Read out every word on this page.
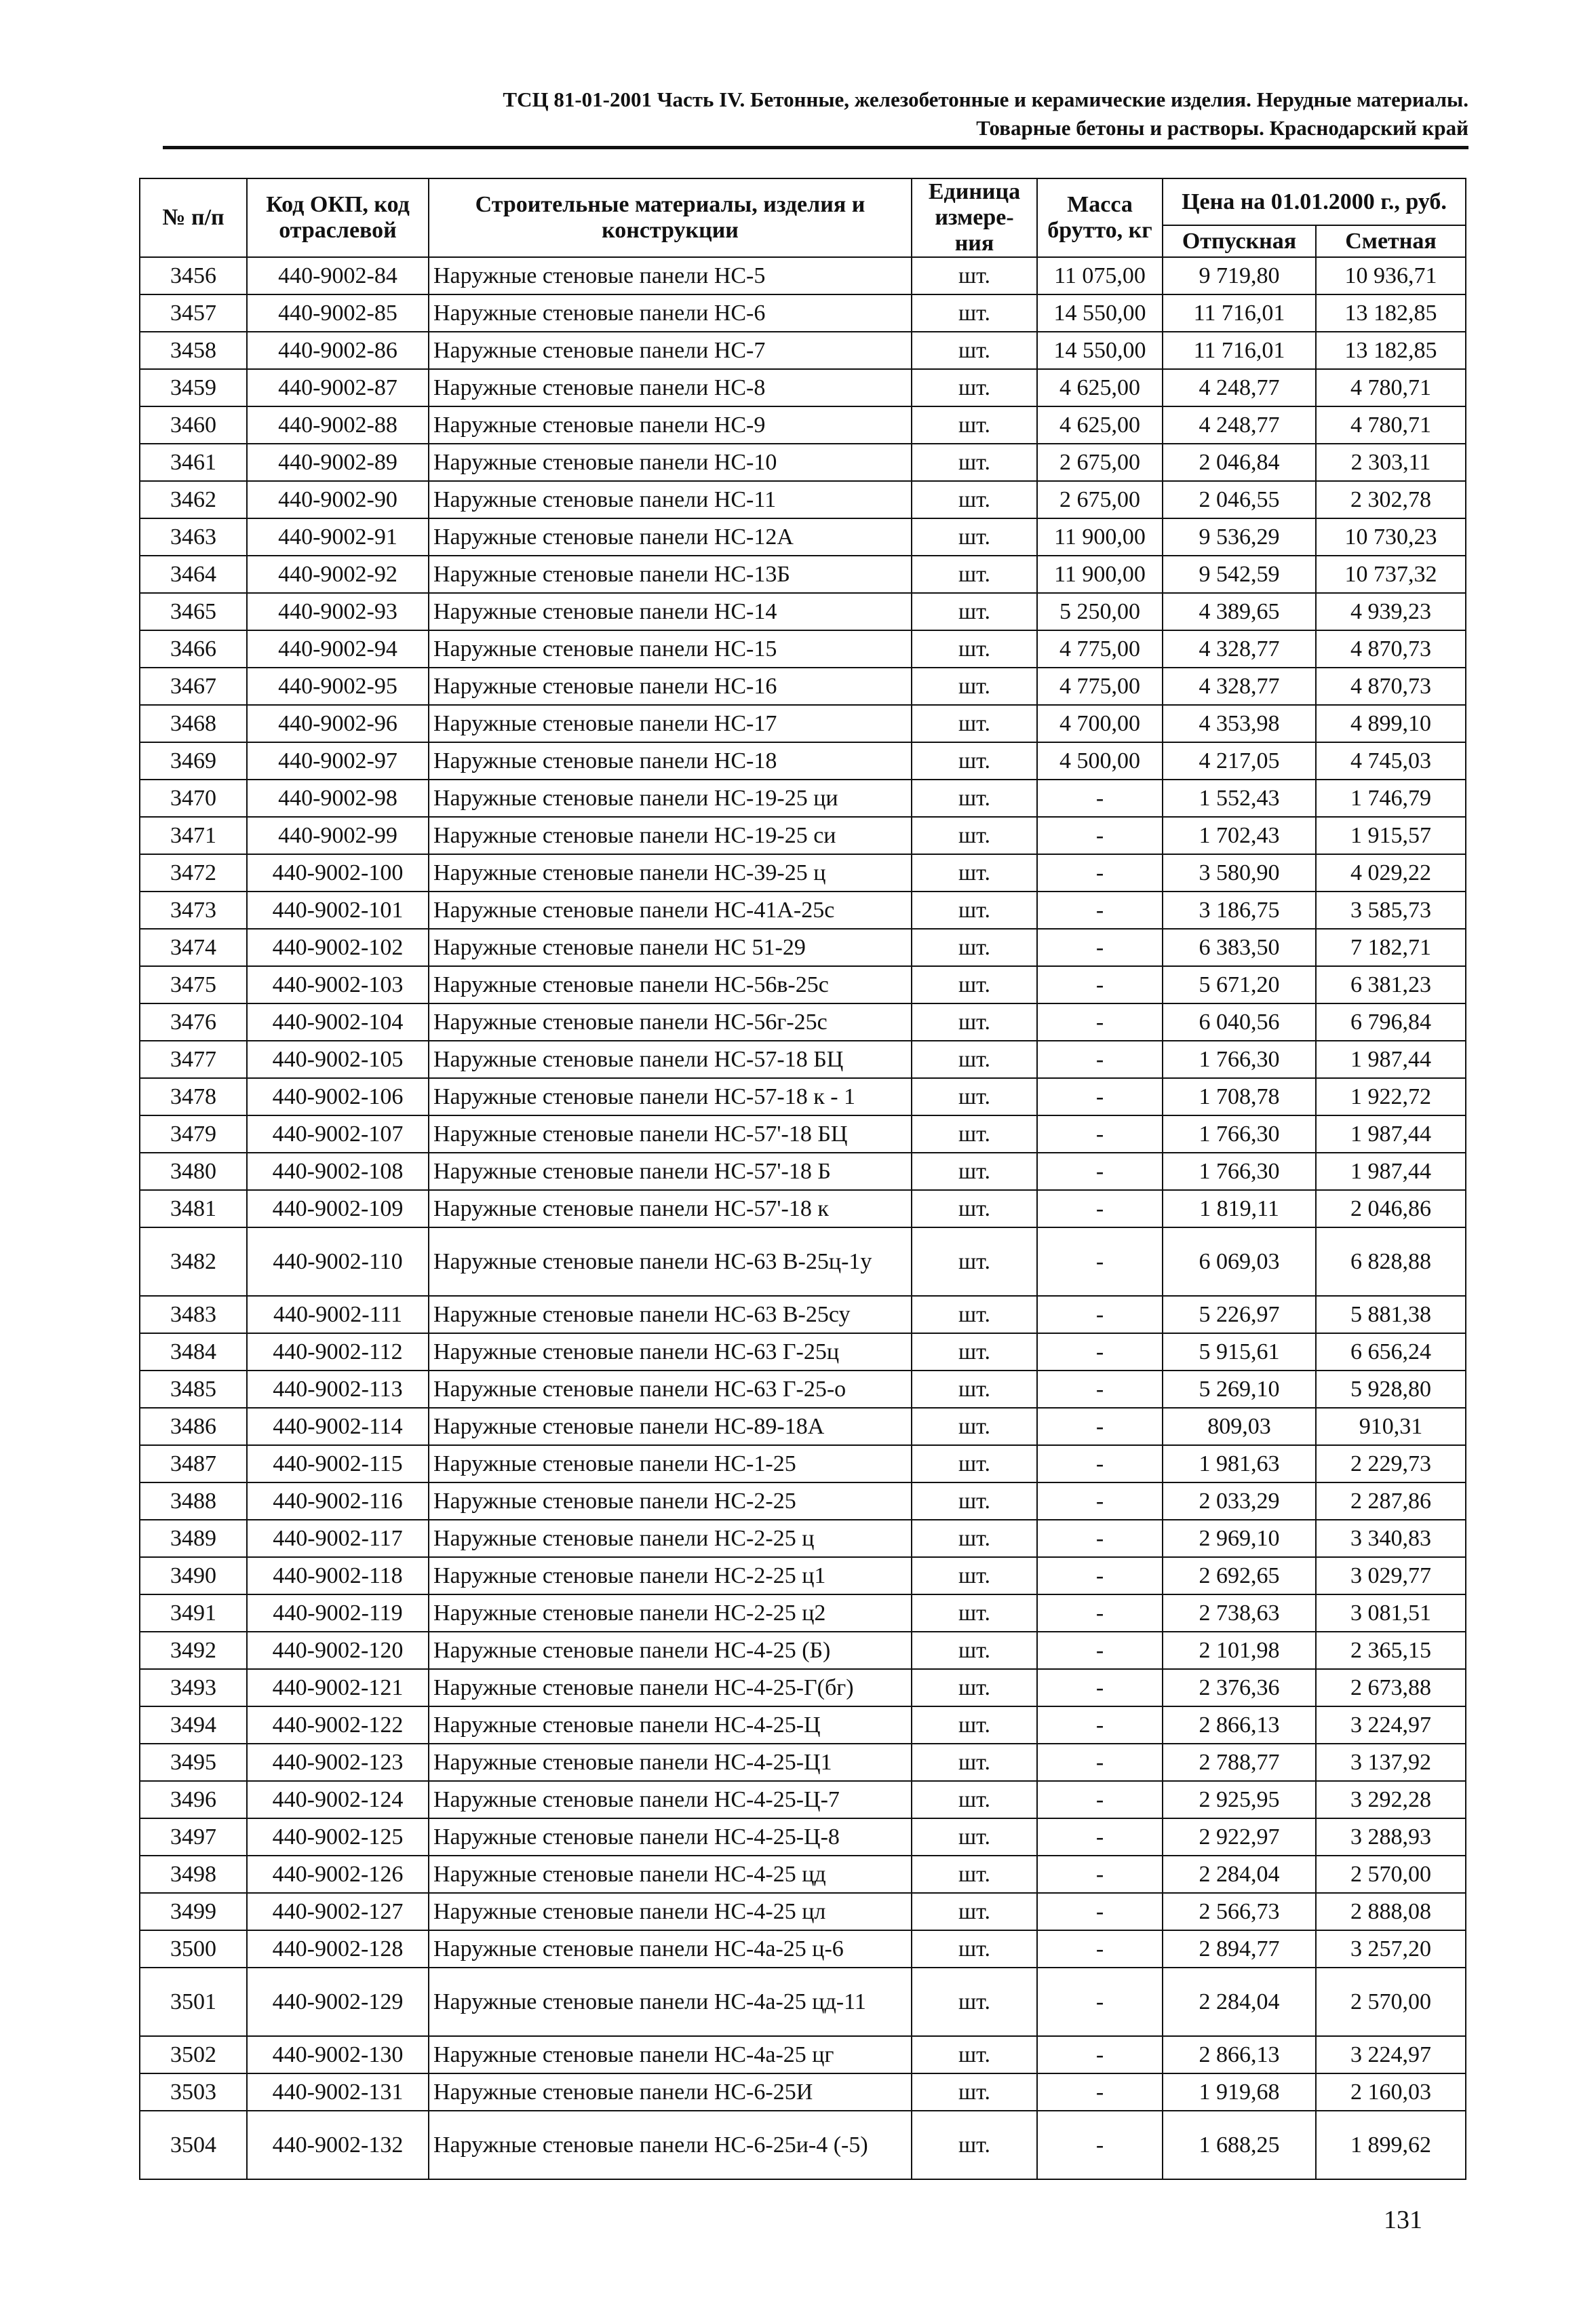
ТСЦ 81-01-2001 Часть IV. Бетонные, железобетонные и керамические изделия. Нерудные материалы.
Товарные бетоны и растворы. Краснодарский край
№ п/п	Код ОКП, код отраслевой	Строительные материалы, изделия и конструкции	Единица измере-ния	Масса брутто, кг	Цена на 01.01.2000 г., руб.	
					Отпускная	Сметная
3456	440-9002-84	Наружные стеновые панели НС-5	шт.	11 075,00	9 719,80	10 936,71
3457	440-9002-85	Наружные стеновые панели НС-6	шт.	14 550,00	11 716,01	13 182,85
3458	440-9002-86	Наружные стеновые панели НС-7	шт.	14 550,00	11 716,01	13 182,85
3459	440-9002-87	Наружные стеновые панели НС-8	шт.	4 625,00	4 248,77	4 780,71
3460	440-9002-88	Наружные стеновые панели НС-9	шт.	4 625,00	4 248,77	4 780,71
3461	440-9002-89	Наружные стеновые панели НС-10	шт.	2 675,00	2 046,84	2 303,11
3462	440-9002-90	Наружные стеновые панели НС-11	шт.	2 675,00	2 046,55	2 302,78
3463	440-9002-91	Наружные стеновые панели НС-12А	шт.	11 900,00	9 536,29	10 730,23
3464	440-9002-92	Наружные стеновые панели НС-13Б	шт.	11 900,00	9 542,59	10 737,32
3465	440-9002-93	Наружные стеновые панели НС-14	шт.	5 250,00	4 389,65	4 939,23
3466	440-9002-94	Наружные стеновые панели НС-15	шт.	4 775,00	4 328,77	4 870,73
3467	440-9002-95	Наружные стеновые панели НС-16	шт.	4 775,00	4 328,77	4 870,73
3468	440-9002-96	Наружные стеновые панели НС-17	шт.	4 700,00	4 353,98	4 899,10
3469	440-9002-97	Наружные стеновые панели НС-18	шт.	4 500,00	4 217,05	4 745,03
3470	440-9002-98	Наружные стеновые панели НС-19-25 ци	шт.	-	1 552,43	1 746,79
3471	440-9002-99	Наружные стеновые панели НС-19-25 си	шт.	-	1 702,43	1 915,57
3472	440-9002-100	Наружные стеновые панели НС-39-25 ц	шт.	-	3 580,90	4 029,22
3473	440-9002-101	Наружные стеновые панели НС-41А-25с	шт.	-	3 186,75	3 585,73
3474	440-9002-102	Наружные стеновые панели НС 51-29	шт.	-	6 383,50	7 182,71
3475	440-9002-103	Наружные стеновые панели НС-56в-25с	шт.	-	5 671,20	6 381,23
3476	440-9002-104	Наружные стеновые панели НС-56г-25с	шт.	-	6 040,56	6 796,84
3477	440-9002-105	Наружные стеновые панели НС-57-18 БЦ	шт.	-	1 766,30	1 987,44
3478	440-9002-106	Наружные стеновые панели НС-57-18 к - 1	шт.	-	1 708,78	1 922,72
3479	440-9002-107	Наружные стеновые панели НС-57'-18 БЦ	шт.	-	1 766,30	1 987,44
3480	440-9002-108	Наружные стеновые панели НС-57'-18 Б	шт.	-	1 766,30	1 987,44
3481	440-9002-109	Наружные стеновые панели НС-57'-18 к	шт.	-	1 819,11	2 046,86
3482	440-9002-110	Наружные стеновые панели НС-63 В-25ц-1у	шт.	-	6 069,03	6 828,88
3483	440-9002-111	Наружные стеновые панели НС-63 В-25су	шт.	-	5 226,97	5 881,38
3484	440-9002-112	Наружные стеновые панели НС-63 Г-25ц	шт.	-	5 915,61	6 656,24
3485	440-9002-113	Наружные стеновые панели НС-63 Г-25-о	шт.	-	5 269,10	5 928,80
3486	440-9002-114	Наружные стеновые панели НС-89-18А	шт.	-	809,03	910,31
3487	440-9002-115	Наружные стеновые панели НС-1-25	шт.	-	1 981,63	2 229,73
3488	440-9002-116	Наружные стеновые панели НС-2-25	шт.	-	2 033,29	2 287,86
3489	440-9002-117	Наружные стеновые панели НС-2-25 ц	шт.	-	2 969,10	3 340,83
3490	440-9002-118	Наружные стеновые панели НС-2-25 ц1	шт.	-	2 692,65	3 029,77
3491	440-9002-119	Наружные стеновые панели НС-2-25 ц2	шт.	-	2 738,63	3 081,51
3492	440-9002-120	Наружные стеновые панели НС-4-25 (Б)	шт.	-	2 101,98	2 365,15
3493	440-9002-121	Наружные стеновые панели НС-4-25-Г(бг)	шт.	-	2 376,36	2 673,88
3494	440-9002-122	Наружные стеновые панели НС-4-25-Ц	шт.	-	2 866,13	3 224,97
3495	440-9002-123	Наружные стеновые панели НС-4-25-Ц1	шт.	-	2 788,77	3 137,92
3496	440-9002-124	Наружные стеновые панели НС-4-25-Ц-7	шт.	-	2 925,95	3 292,28
3497	440-9002-125	Наружные стеновые панели НС-4-25-Ц-8	шт.	-	2 922,97	3 288,93
3498	440-9002-126	Наружные стеновые панели НС-4-25 цд	шт.	-	2 284,04	2 570,00
3499	440-9002-127	Наружные стеновые панели НС-4-25 цл	шт.	-	2 566,73	2 888,08
3500	440-9002-128	Наружные стеновые панели НС-4а-25 ц-6	шт.	-	2 894,77	3 257,20
3501	440-9002-129	Наружные стеновые панели НС-4а-25 цд-11	шт.	-	2 284,04	2 570,00
3502	440-9002-130	Наружные стеновые панели НС-4а-25 цг	шт.	-	2 866,13	3 224,97
3503	440-9002-131	Наружные стеновые панели НС-6-25И	шт.	-	1 919,68	2 160,03
3504	440-9002-132	Наружные стеновые панели НС-6-25и-4 (-5)	шт.	-	1 688,25	1 899,62
131
